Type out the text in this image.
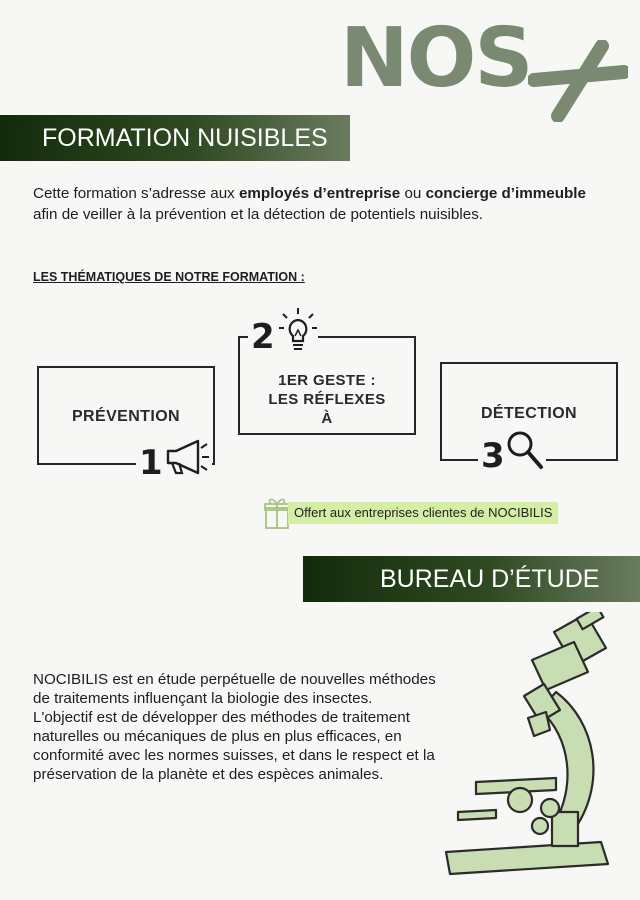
NOS
FORMATION NUISIBLES
Cette formation s’adresse aux employés d’entreprise ou concierge d’immeuble afin de veiller à la prévention et la détection de potentiels nuisibles.
LES THÉMATIQUES DE NOTRE FORMATION :
PRÉVENTION
1
1ER GESTE : LES RÉFLEXES À
2
DÉTECTION
3
Offert aux entreprises clientes de NOCIBILIS
BUREAU D’ÉTUDE
NOCIBILIS est en étude perpétuelle de nouvelles méthodes de traitements influençant la biologie des insectes.
L'objectif est de développer des méthodes de traitement naturelles ou mécaniques de plus en plus efficaces, en conformité avec les normes suisses, et dans le respect et la préservation de la planète et des espèces animales.
